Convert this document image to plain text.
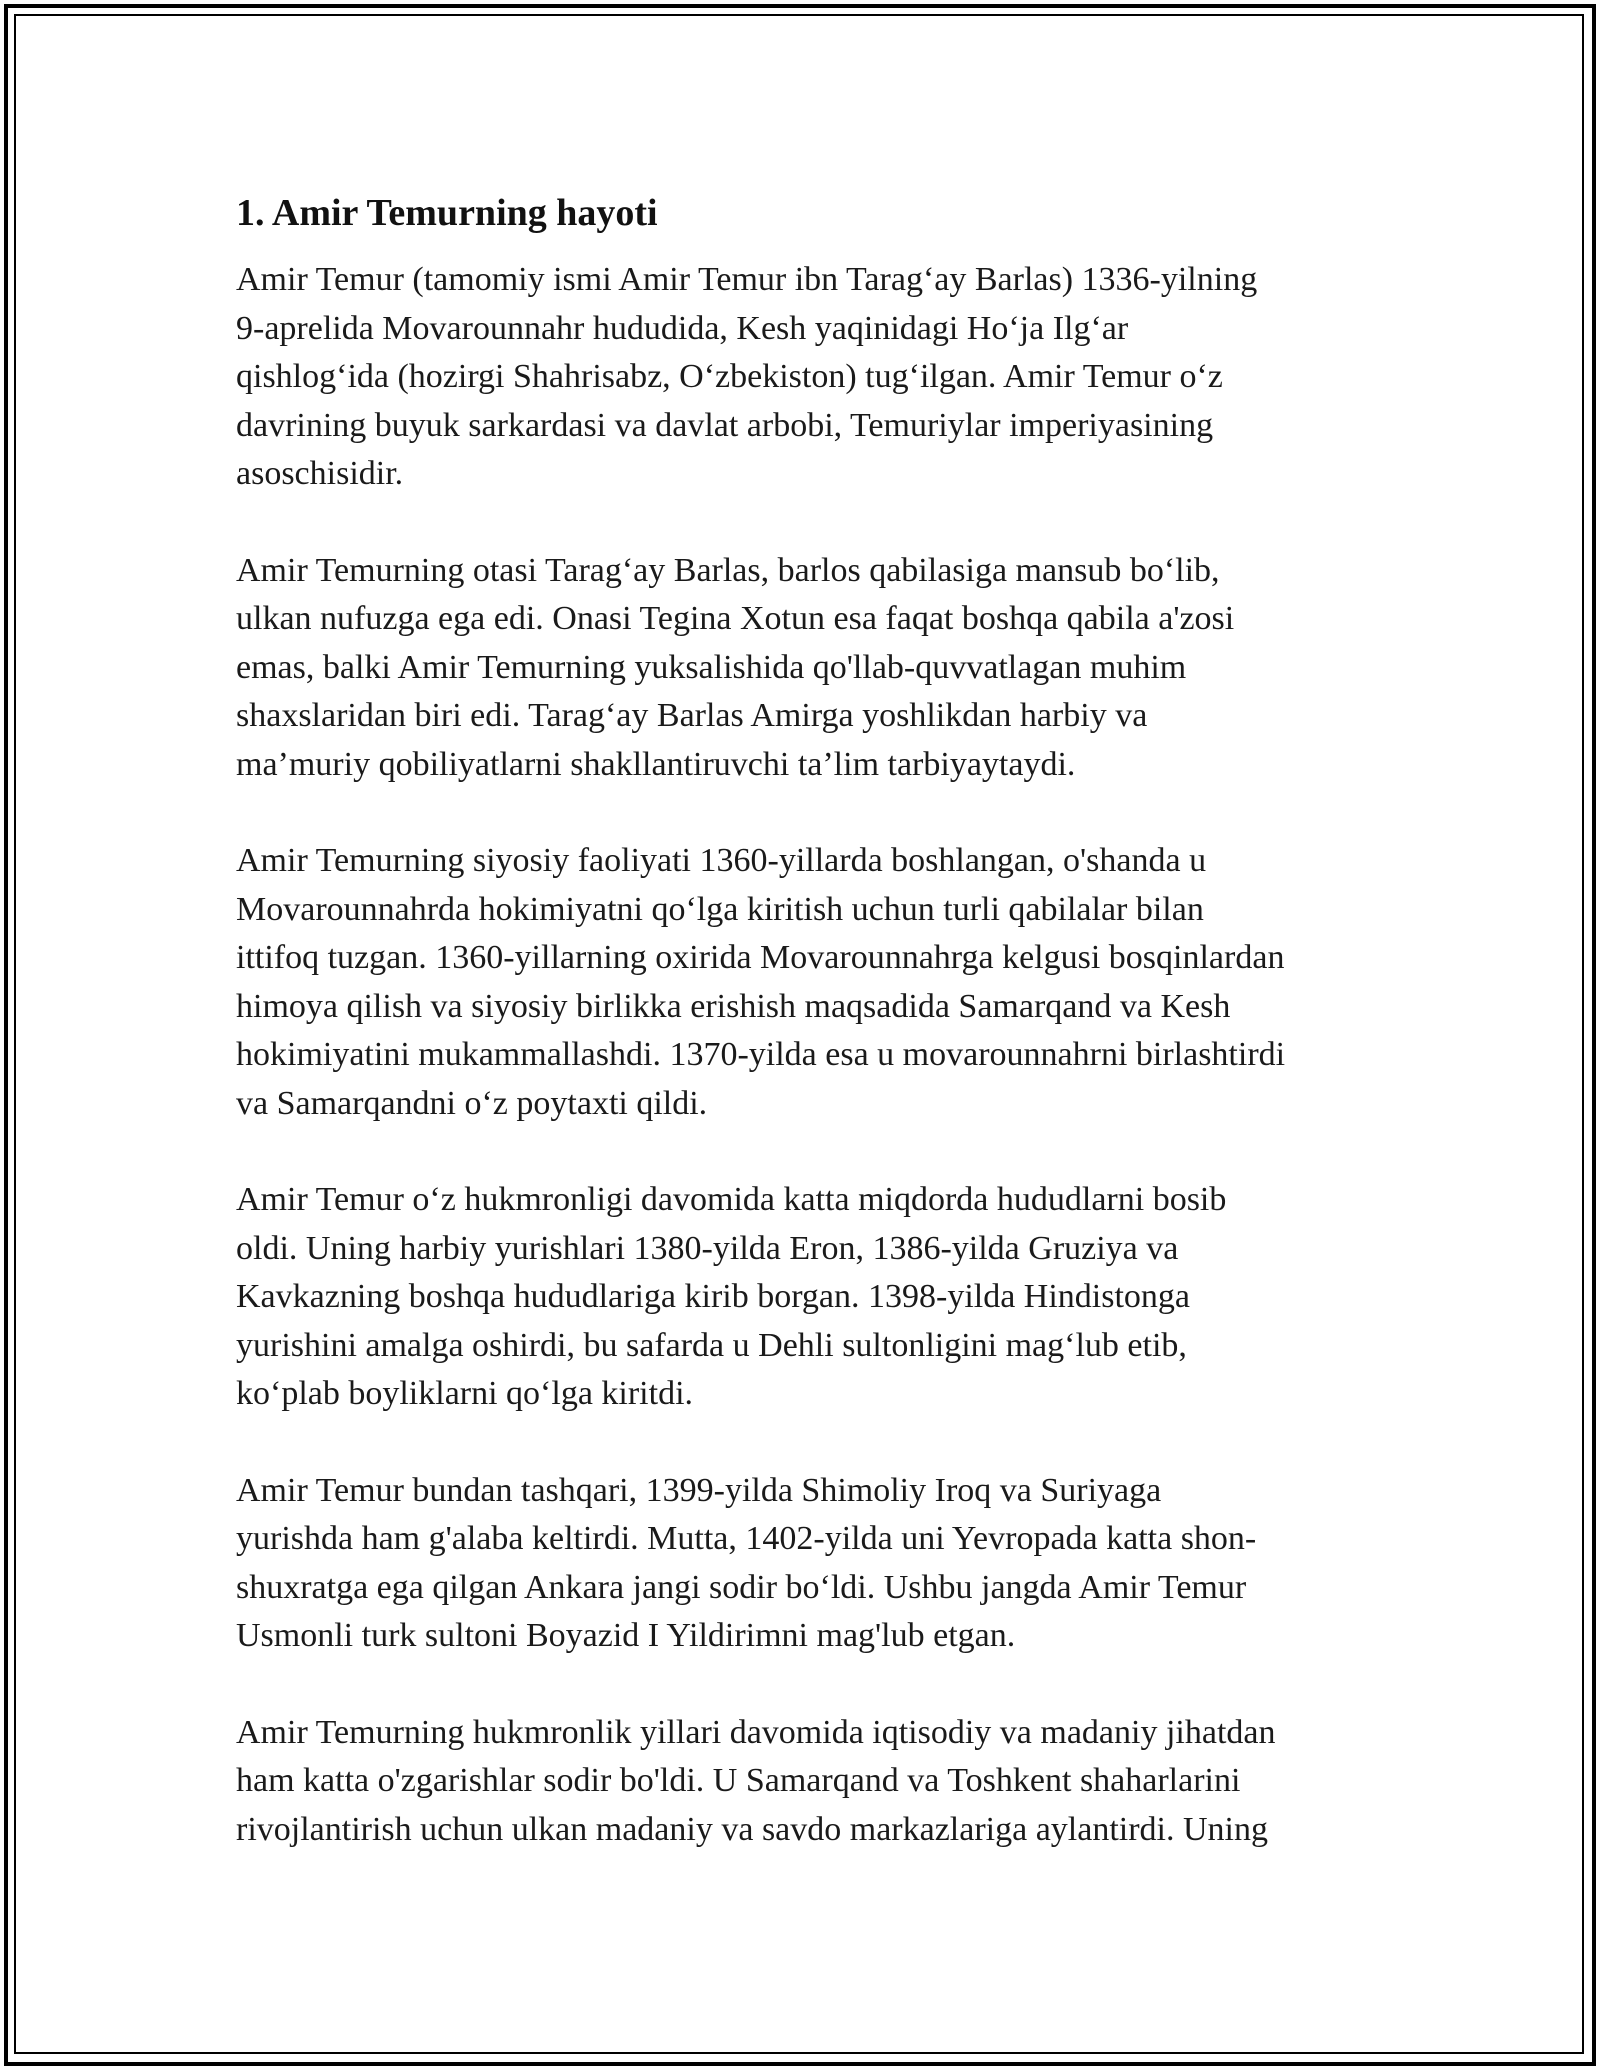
1. Amir Temurning hayoti

Amir Temur (tamomiy ismi Amir Temur ibn Tarag‘ay Barlas) 1336-yilning
9-aprelida Movarounnahr hududida, Kesh yaqinidagi Ho‘ja Ilg‘ar
qishlog‘ida (hozirgi Shahrisabz, O‘zbekiston) tug‘ilgan. Amir Temur o‘z
davrining buyuk sarkardasi va davlat arbobi, Temuriylar imperiyasining
asoschisidir.

Amir Temurning otasi Tarag‘ay Barlas, barlos qabilasiga mansub bo‘lib,
ulkan nufuzga ega edi. Onasi Tegina Xotun esa faqat boshqa qabila a'zosi
emas, balki Amir Temurning yuksalishida qo'llab-quvvatlagan muhim
shaxslaridan biri edi. Tarag‘ay Barlas Amirga yoshlikdan harbiy va
ma’muriy qobiliyatlarni shakllantiruvchi ta’lim tarbiyaytaydi.

Amir Temurning siyosiy faoliyati 1360-yillarda boshlangan, o'shanda u
Movarounnahrda hokimiyatni qo‘lga kiritish uchun turli qabilalar bilan
ittifoq tuzgan. 1360-yillarning oxirida Movarounnahrga kelgusi bosqinlardan
himoya qilish va siyosiy birlikka erishish maqsadida Samarqand va Kesh
hokimiyatini mukammallashdi. 1370-yilda esa u movarounnahrni birlashtirdi
va Samarqandni o‘z poytaxti qildi.

Amir Temur o‘z hukmronligi davomida katta miqdorda hududlarni bosib
oldi. Uning harbiy yurishlari 1380-yilda Eron, 1386-yilda Gruziya va
Kavkazning boshqa hududlariga kirib borgan. 1398-yilda Hindistonga
yurishini amalga oshirdi, bu safarda u Dehli sultonligini mag‘lub etib,
ko‘plab boyliklarni qo‘lga kiritdi.

Amir Temur bundan tashqari, 1399-yilda Shimoliy Iroq va Suriyaga
yurishda ham g'alaba keltirdi. Mutta, 1402-yilda uni Yevropada katta shon-
shuxratga ega qilgan Ankara jangi sodir bo‘ldi. Ushbu jangda Amir Temur
Usmonli turk sultoni Boyazid I Yildirimni mag'lub etgan.

Amir Temurning hukmronlik yillari davomida iqtisodiy va madaniy jihatdan
ham katta o'zgarishlar sodir bo'ldi. U Samarqand va Toshkent shaharlarini
rivojlantirish uchun ulkan madaniy va savdo markazlariga aylantirdi. Uning
